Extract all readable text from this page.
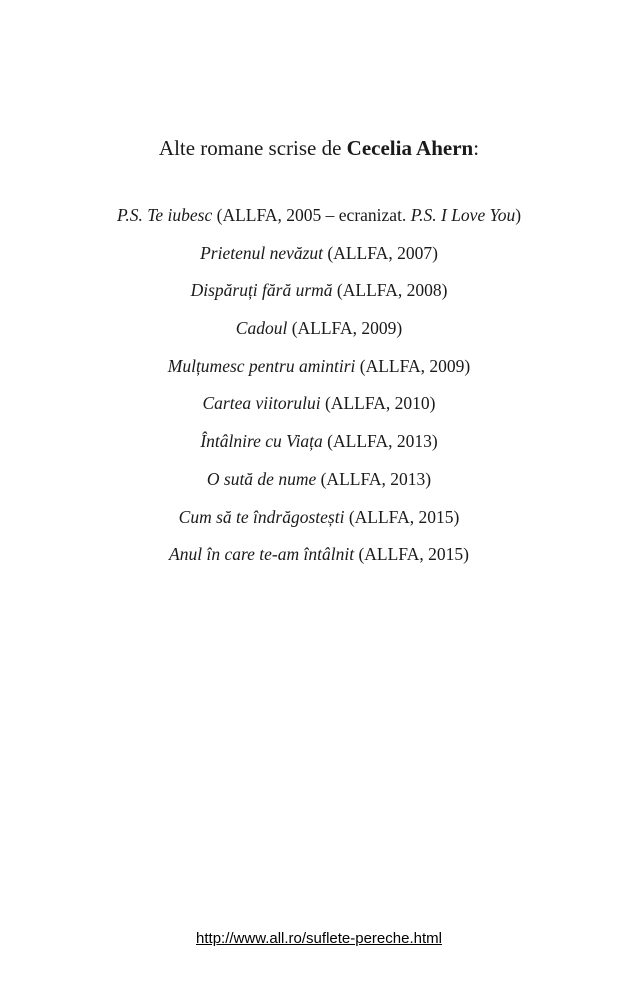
Alte romane scrise de Cecelia Ahern:
P.S. Te iubesc (ALLFA, 2005 – ecranizat. P.S. I Love You)
Prietenul nevăzut (ALLFA, 2007)
Dispăruți fără urmă (ALLFA, 2008)
Cadoul (ALLFA, 2009)
Mulțumesc pentru amintiri (ALLFA, 2009)
Cartea viitorului (ALLFA, 2010)
Întâlnire cu Viața (ALLFA, 2013)
O sută de nume (ALLFA, 2013)
Cum să te îndrăgostești (ALLFA, 2015)
Anul în care te-am întâlnit (ALLFA, 2015)
http://www.all.ro/suflete-pereche.html
